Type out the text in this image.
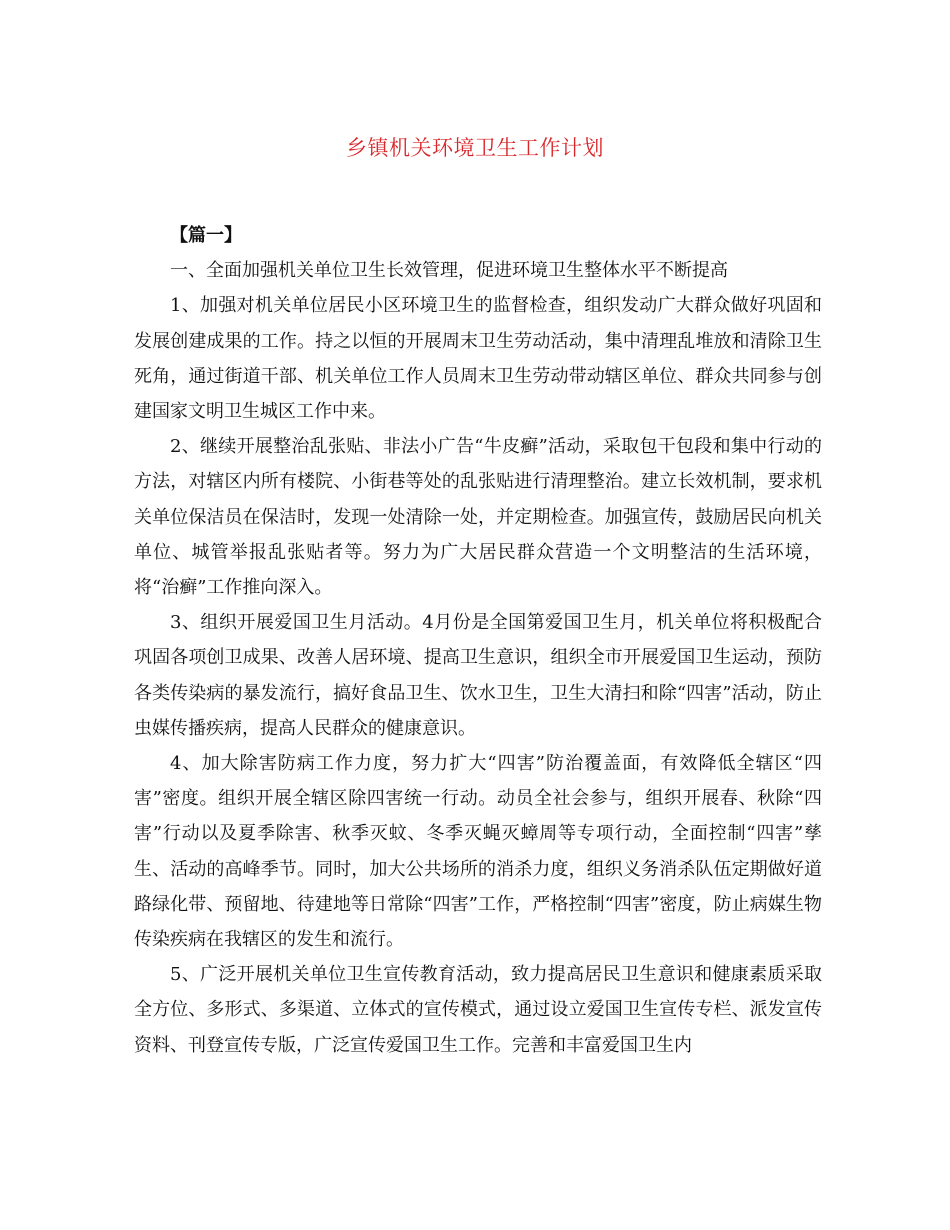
乡镇机关环境卫生工作计划

【篇一】

一、全面加强机关单位卫生长效管理，促进环境卫生整体水平不断提高

1、加强对机关单位居民小区环境卫生的监督检查，组织发动广大群众做好巩固和发展创建成果的工作。持之以恒的开展周末卫生劳动活动，集中清理乱堆放和清除卫生死角，通过街道干部、机关单位工作人员周末卫生劳动带动辖区单位、群众共同参与创建国家文明卫生城区工作中来。

2、继续开展整治乱张贴、非法小广告“牛皮癣”活动，采取包干包段和集中行动的方法，对辖区内所有楼院、小街巷等处的乱张贴进行清理整治。建立长效机制，要求机关单位保洁员在保洁时，发现一处清除一处，并定期检查。加强宣传，鼓励居民向机关单位、城管举报乱张贴者等。努力为广大居民群众营造一个文明整洁的生活环境，将“治癣”工作推向深入。

3、组织开展爱国卫生月活动。4月份是全国第爱国卫生月，机关单位将积极配合巩固各项创卫成果、改善人居环境、提高卫生意识，组织全市开展爱国卫生运动，预防各类传染病的暴发流行，搞好食品卫生、饮水卫生，卫生大清扫和除“四害”活动，防止虫媒传播疾病，提高人民群众的健康意识。

4、加大除害防病工作力度，努力扩大“四害”防治覆盖面，有效降低全辖区“四害”密度。组织开展全辖区除四害统一行动。动员全社会参与，组织开展春、秋除“四害”行动以及夏季除害、秋季灭蚊、冬季灭蝇灭蟑周等专项行动，全面控制“四害”孳生、活动的高峰季节。同时，加大公共场所的消杀力度，组织义务消杀队伍定期做好道路绿化带、预留地、待建地等日常除“四害”工作，严格控制“四害”密度，防止病媒生物传染疾病在我辖区的发生和流行。

5、广泛开展机关单位卫生宣传教育活动，致力提高居民卫生意识和健康素质采取全方位、多形式、多渠道、立体式的宣传模式，通过设立爱国卫生宣传专栏、派发宣传资料、刊登宣传专版，广泛宣传爱国卫生工作。完善和丰富爱国卫生内
